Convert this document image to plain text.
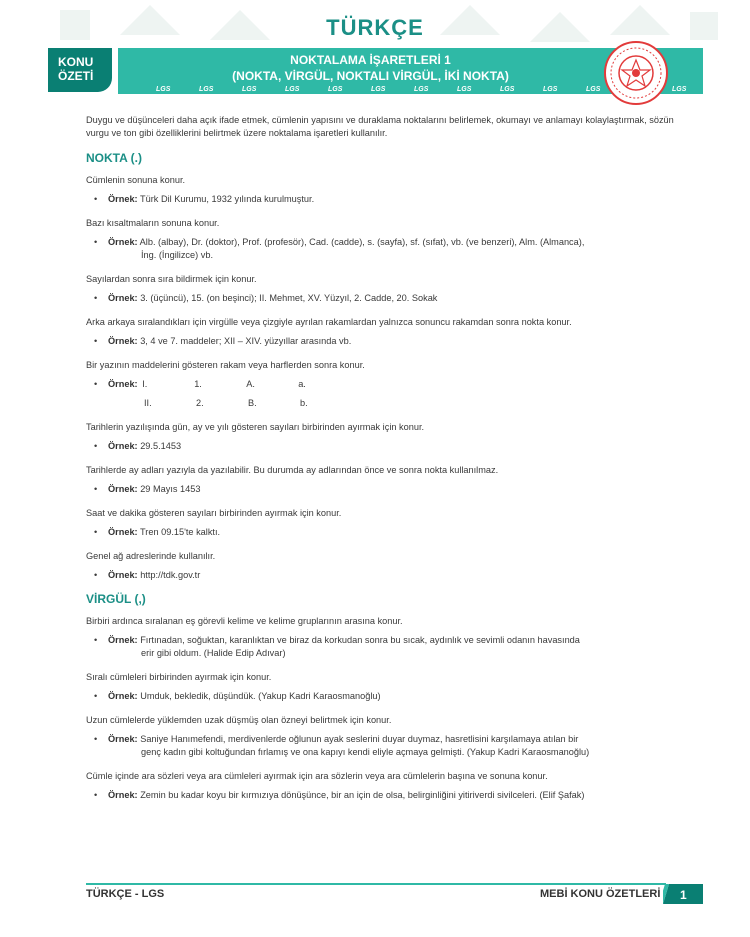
TÜRKÇE
KONU
ÖZETİ
NOKTALAMA İŞARETLERİ 1
(NOKTA, VİRGÜL, NOKTALI VİRGÜL, İKİ NOKTA)
LGS	LGS	LGS	LGS	LGS	LGS	LGS	LGS	LGS	LGS	LGS	LGS

Duygu ve düşünceleri daha açık ifade etmek, cümlenin yapısını ve duraklama noktalarını belirlemek, okumayı ve anlamayı kolaylaştırmak, sözün vurgu ve ton gibi özelliklerini belirtmek üzere noktalama işaretleri kullanılır.

NOKTA (.)

Cümlenin sonuna konur.

• Örnek: Türk Dil Kurumu, 1932 yılında kurulmuştur.

Bazı kısaltmaların sonuna konur.

• Örnek: Alb. (albay), Dr. (doktor), Prof. (profesör), Cad. (cadde), s. (sayfa), sf. (sıfat), vb. (ve benzeri), Alm. (Almanca),
İng. (İngilizce) vb.

Sayılardan sonra sıra bildirmek için konur.

• Örnek: 3. (üçüncü), 15. (on beşinci); II. Mehmet, XV. Yüzyıl, 2. Cadde, 20. Sokak

Arka arkaya sıralandıkları için virgülle veya çizgiyle ayrılan rakamlardan yalnızca sonuncu rakamdan sonra nokta konur.

• Örnek: 3, 4 ve 7. maddeler; XII – XIV. yüzyıllar arasında vb.

Bir yazının maddelerini gösteren rakam veya harflerden sonra konur.

• Örnek: I.	1.	A.	a.
II.	2.	B.	b.

Tarihlerin yazılışında gün, ay ve yılı gösteren sayıları birbirinden ayırmak için konur.

• Örnek: 29.5.1453

Tarihlerde ay adları yazıyla da yazılabilir. Bu durumda ay adlarından önce ve sonra nokta kullanılmaz.

• Örnek: 29 Mayıs 1453

Saat ve dakika gösteren sayıları birbirinden ayırmak için konur.

• Örnek: Tren 09.15'te kalktı.

Genel ağ adreslerinde kullanılır.

• Örnek: http://tdk.gov.tr

VİRGÜL (,)

Birbiri ardınca sıralanan eş görevli kelime ve kelime gruplarının arasına konur.

• Örnek: Fırtınadan, soğuktan, karanlıktan ve biraz da korkudan sonra bu sıcak, aydınlık ve sevimli odanın havasında
erir gibi oldum. (Halide Edip Adıvar)

Sıralı cümleleri birbirinden ayırmak için konur.

• Örnek: Umduk, bekledik, düşündük. (Yakup Kadri Karaosmanoğlu)

Uzun cümlelerde yüklemden uzak düşmüş olan özneyi belirtmek için konur.

• Örnek: Saniye Hanımefendi, merdivenlerde oğlunun ayak seslerini duyar duymaz, hasretlisini karşılamaya atılan bir
genç kadın gibi koltuğundan fırlamış ve ona kapıyı kendi eliyle açmaya gelmişti. (Yakup Kadri Karaosmanoğlu)

Cümle içinde ara sözleri veya ara cümleleri ayırmak için ara sözlerin veya ara cümlelerin başına ve sonuna konur.

• Örnek: Zemin bu kadar koyu bir kırmızıya dönüşünce, bir an için de olsa, belirginliğini yitiriverdi sivilceleri. (Elif Şafak)

TÜRKÇE - LGS	MEBİ KONU ÖZETLERİ 1
